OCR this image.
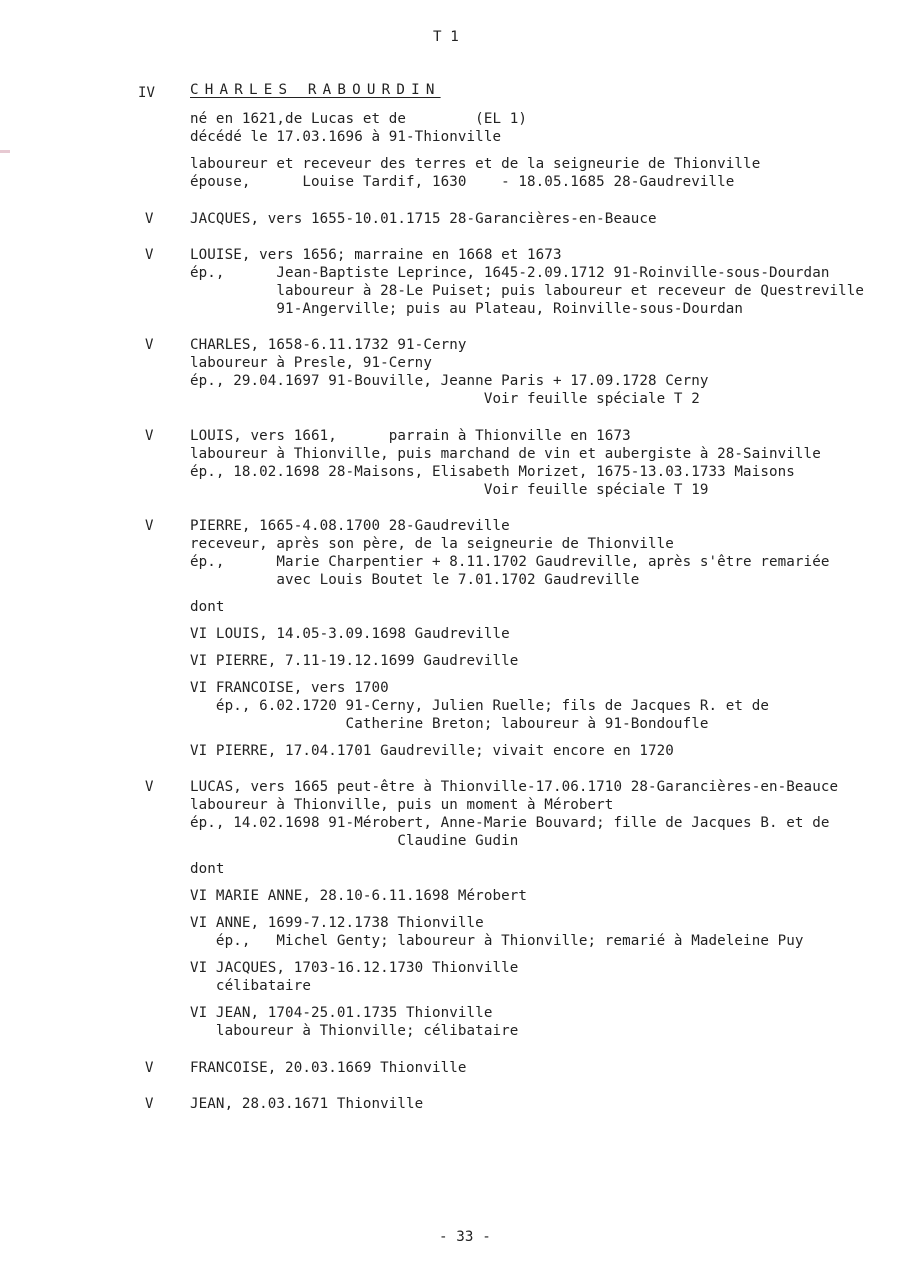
T 1
IV CHARLES RABOURDIN
né en 1621,de Lucas et de        (EL 1)
décédé le 17.03.1696 à 91-Thionville
laboureur et receveur des terres et de la seigneurie de Thionville
épouse,      Louise Tardif, 1630    - 18.05.1685 28-Gaudreville
V	JACQUES, vers 1655-10.01.1715 28-Garancières-en-Beauce
V	LOUISE, vers 1656; marraine en 1668 et 1673
ép.,      Jean-Baptiste Leprince, 1645-2.09.1712 91-Roinville-sous-Dourdan
laboureur à 28-Le Puiset; puis laboureur et receveur de Questreville
91-Angerville; puis au Plateau, Roinville-sous-Dourdan
V	CHARLES, 1658-6.11.1732 91-Cerny
laboureur à Presle, 91-Cerny
ép., 29.04.1697 91-Bouville, Jeanne Paris + 17.09.1728 Cerny
Voir feuille spéciale T 2
V	LOUIS, vers 1661,      parrain à Thionville en 1673
laboureur à Thionville, puis marchand de vin et aubergiste à 28-Sainville
ép., 18.02.1698 28-Maisons, Elisabeth Morizet, 1675-13.03.1733 Maisons
Voir feuille spéciale T 19
V	PIERRE, 1665-4.08.1700 28-Gaudreville
receveur, après son père, de la seigneurie de Thionville
ép.,      Marie Charpentier + 8.11.1702 Gaudreville, après s'être remariée
avec Louis Boutet le 7.01.1702 Gaudreville
dont
VI LOUIS, 14.05-3.09.1698 Gaudreville
VI PIERRE, 7.11-19.12.1699 Gaudreville
VI FRANCOISE, vers 1700
ép., 6.02.1720 91-Cerny, Julien Ruelle; fils de Jacques R. et de
Catherine Breton; laboureur à 91-Bondoufle
VI PIERRE, 17.04.1701 Gaudreville; vivait encore en 1720
V	LUCAS, vers 1665 peut-être à Thionville-17.06.1710 28-Garancières-en-Beauce
laboureur à Thionville, puis un moment à Mérobert
ép., 14.02.1698 91-Mérobert, Anne-Marie Bouvard; fille de Jacques B. et de
Claudine Gudin
dont
VI MARIE ANNE, 28.10-6.11.1698 Mérobert
VI ANNE, 1699-7.12.1738 Thionville
ép.,   Michel Genty; laboureur à Thionville; remarié à Madeleine Puy
VI JACQUES, 1703-16.12.1730 Thionville
célibataire
VI JEAN, 1704-25.01.1735 Thionville
laboureur à Thionville; célibataire
V	FRANCOISE, 20.03.1669 Thionville
V	JEAN, 28.03.1671 Thionville
- 33 -
